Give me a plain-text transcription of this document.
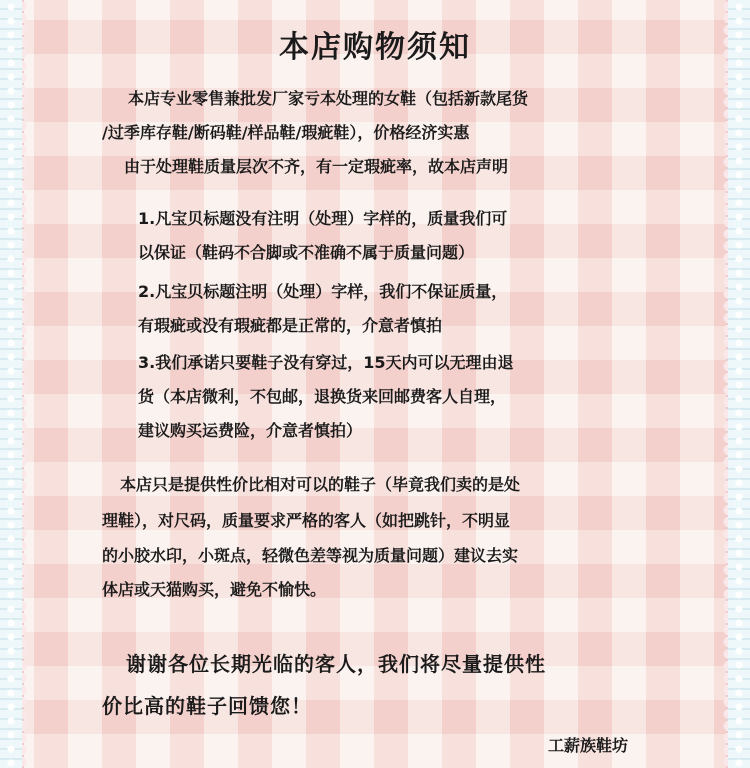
本店购物须知
本店专业零售兼批发厂家亏本处理的女鞋（包括新款尾货
/过季库存鞋/断码鞋/样品鞋/瑕疵鞋），价格经济实惠
由于处理鞋质量层次不齐，有一定瑕疵率，故本店声明
1.凡宝贝标题没有注明（处理）字样的，质量我们可
以保证（鞋码不合脚或不准确不属于质量问题）
2.凡宝贝标题注明（处理）字样，我们不保证质量，
有瑕疵或没有瑕疵都是正常的，介意者慎拍
3.我们承诺只要鞋子没有穿过，15天内可以无理由退
货（本店微利，不包邮，退换货来回邮费客人自理，
建议购买运费险，介意者慎拍）
本店只是提供性价比相对可以的鞋子（毕竟我们卖的是处
理鞋），对尺码，质量要求严格的客人（如把跳针，不明显
的小胶水印，小斑点，轻微色差等视为质量问题）建议去实
体店或天猫购买，避免不愉快。
谢谢各位长期光临的客人，我们将尽量提供性
价比高的鞋子回馈您！
工薪族鞋坊
